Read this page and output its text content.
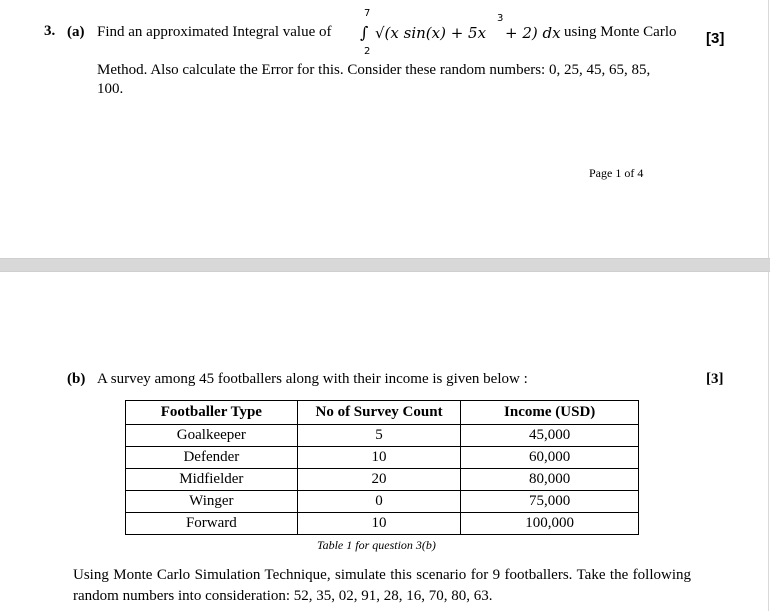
3. (a) Find an approximated Integral value of
7
∫
2
√(x sin(x) + 5x
3
+ 2) dx using Monte Carlo [3]
Method. Also calculate the Error for this. Consider these random numbers: 0, 25, 45, 65, 85,
100.
Page 1 of 4
(b) A survey among 45 footballers along with their income is given below :	[3]
Footballer Type	No of Survey Count	Income (USD)
Goalkeeper	5	45,000
Defender	10	60,000
Midfielder	20	80,000
Winger	0	75,000
Forward	10	100,000
Table 1 for question 3(b)
Using Monte Carlo Simulation Technique, simulate this scenario for 9 footballers. Take the following random numbers into consideration: 52, 35, 02, 91, 28, 16, 70, 80, 63.
